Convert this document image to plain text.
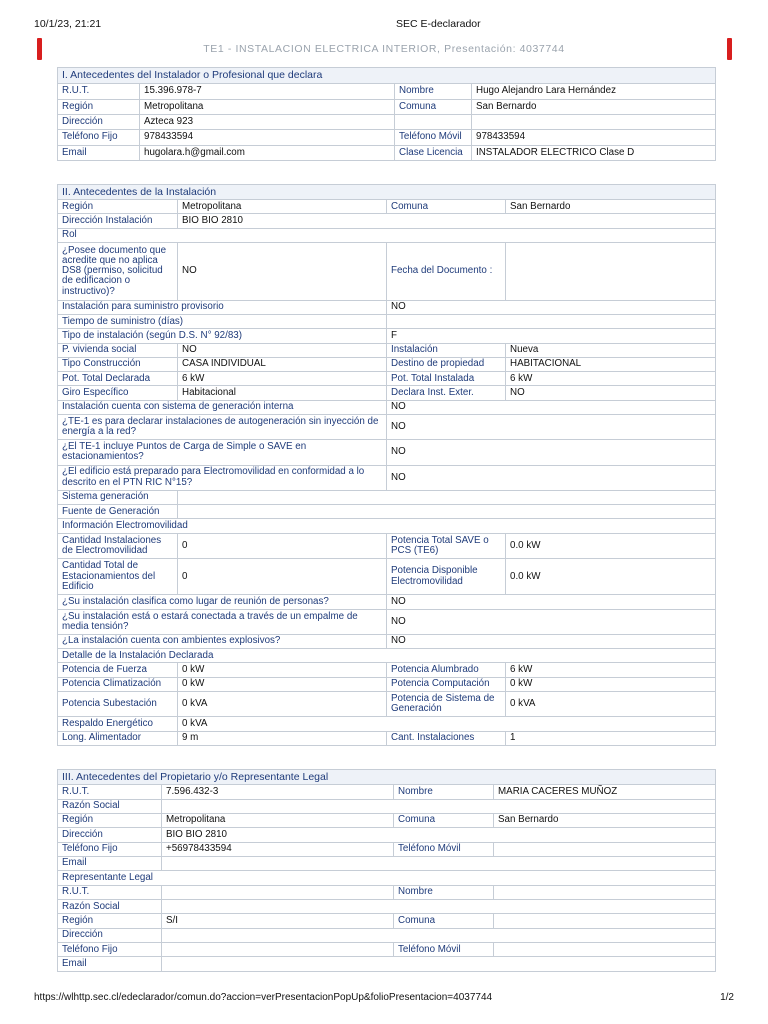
10/1/23, 21:21	SEC E-declarador
TE1 - INSTALACION ELECTRICA INTERIOR, Presentación: 4037744
I. Antecedentes del Instalador o Profesional que declara			
R.U.T.	15.396.978-7	Nombre	Hugo Alejandro Lara Hernández
Región	Metropolitana	Comuna	San Bernardo
Dirección	Azteca 923		
Teléfono Fijo	978433594	Teléfono Móvil	978433594
Email	hugolara.h@gmail.com	Clase Licencia	INSTALADOR ELECTRICO Clase D
II. Antecedentes de la Instalación			
Región	Metropolitana	Comuna	San Bernardo
Dirección Instalación	BIO BIO 2810		
Rol			
¿Posee documento que acredite que no aplica DS8 (permiso, solicitud de edificacion o instructivo)?	NO	Fecha del Documento :	
Instalación para suministro provisorio		NO	
Tiempo de suministro (días)			
Tipo de instalación (según D.S. N° 92/83)		F	
P. vivienda social	NO	Instalación	Nueva
Tipo Construcción	CASA INDIVIDUAL	Destino de propiedad	HABITACIONAL
Pot. Total Declarada	6 kW	Pot. Total Instalada	6 kW
Giro Específico	Habitacional	Declara Inst. Exter.	NO
Instalación cuenta con sistema de generación interna		NO	
¿TE-1 es para declarar instalaciones de autogeneración sin inyección de energía a la red?		NO	
¿El TE-1 incluye Puntos de Carga de Simple o SAVE en estacionamientos?		NO	
¿El edificio está preparado para Electromovilidad en conformidad a lo descrito en el PTN RIC N°15?		NO	
Sistema generación			
Fuente de Generación			
Información Electromovilidad			
Cantidad Instalaciones de Electromovilidad	0	Potencia Total SAVE o PCS (TE6)	0.0 kW
Cantidad Total de Estacionamientos del Edificio	0	Potencia Disponible Electromovilidad	0.0 kW
¿Su instalación clasifica como lugar de reunión de personas?		NO	
¿Su instalación está o estará conectada a través de un empalme de media tensión?		NO	
¿La instalación cuenta con ambientes explosivos?		NO	
Detalle de la Instalación Declarada			
Potencia de Fuerza	0 kW	Potencia Alumbrado	6 kW
Potencia Climatización	0 kW	Potencia Computación	0 kW
Potencia Subestación	0 kVA	Potencia de Sistema de Generación	0 kVA
Respaldo Energético	0 kVA		
Long. Alimentador	9 m	Cant. Instalaciones	1
III. Antecedentes del Propietario y/o Representante Legal			
R.U.T.	7.596.432-3	Nombre	MARIA CACERES MUÑOZ
Razón Social			
Región	Metropolitana	Comuna	San Bernardo
Dirección	BIO BIO 2810		
Teléfono Fijo	+56978433594	Teléfono Móvil	
Email			
Representante Legal			
R.U.T.		Nombre	
Razón Social			
Región	S/I	Comuna	
Dirección			
Teléfono Fijo		Teléfono Móvil	
Email			
https://wlhttp.sec.cl/edeclarador/comun.do?accion=verPresentacionPopUp&folioPresentacion=4037744	1/2
